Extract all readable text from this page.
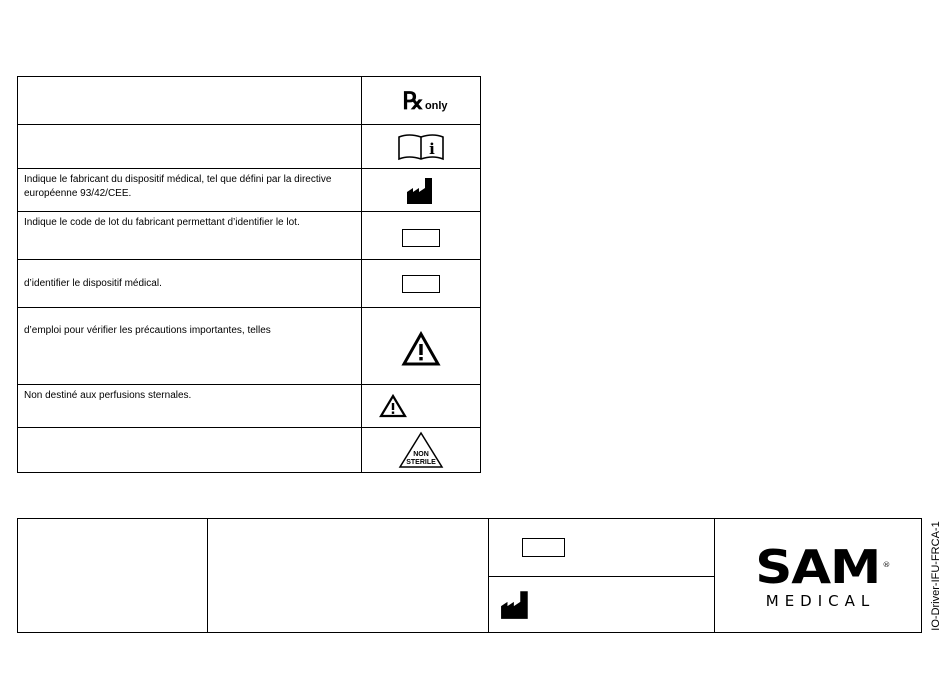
	℞ only

i

Indique le fabricant du dispositif médical, tel que défini par la directive européenne 93/42/CEE.	

Indique le code de lot du fabricant permettant d’identifier le lot.	

d’identifier le dispositif médical.	

d’emploi pour vérifier les précautions importantes, telles	

Non destiné aux perfusions sternales.	

NON
STERILE
SAM ®
MEDICAL	IO-Driver-IFU-FRCA-1
